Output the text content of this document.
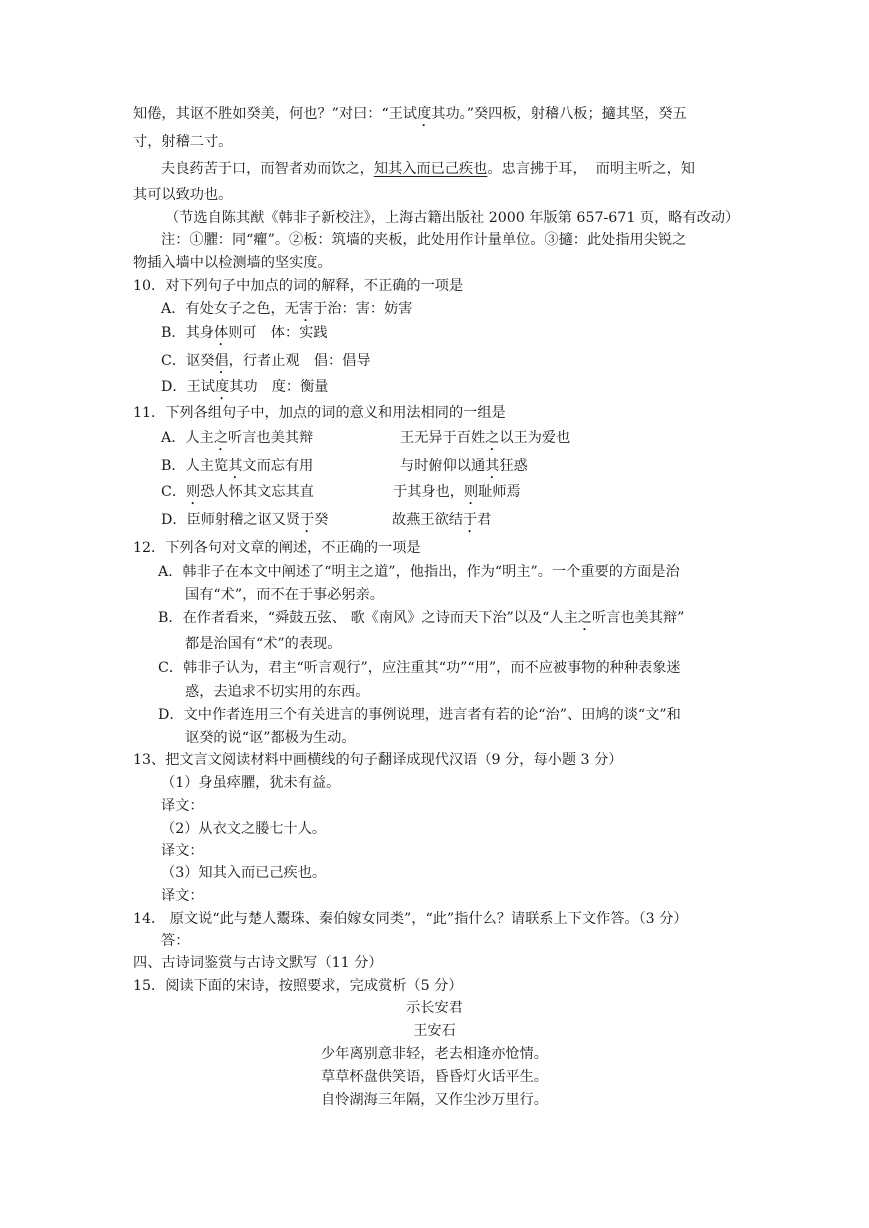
知倦，其讴不胜如癸美，何也？”对曰：“王试度其功。”癸四板，射稽八板；擿其坚，癸五
寸，射稽二寸。
夫良药苦于口，而智者劝而饮之，知其入而已己疾也。忠言拂于耳，  而明主听之，知
其可以致功也。
（节选自陈其猷《韩非子新校注》，上海古籍出版社 2000 年版第 657-671 页，略有改动）
注：①臞：同“癯”。②板：筑墙的夹板，此处用作计量单位。③擿：此处指用尖锐之
物插入墙中以检测墙的坚实度。
10．对下列句子中加点的词的解释，不正确的一项是
A．有处女子之色，无害于治：害：妨害
B．其身体则可　体：实践
C．讴癸倡，行者止观　倡：倡导
D．王试度其功　度：衡量
11．下列各组句子中，加点的词的意义和用法相同的一组是
A．人主之听言也美其辩	王无异于百姓之以王为爱也
B．人主览其文而忘有用	与时俯仰以通其狂惑
C．则恐人怀其文忘其直	于其身也，则耻师焉
D．臣师射稽之讴又贤于癸	故燕王欲结于君
12．下列各句对文章的阐述，不正确的一项是
A．韩非子在本文中阐述了“明主之道”，他指出，作为“明主”。一个重要的方面是治
国有“术”，而不在于事必躬亲。
B．在作者看来，“舜鼓五弦、 歌《南风》之诗而天下治”以及“人主之听言也美其辩”
都是治国有“术”的表现。
C．韩非子认为，君主“听言观行”，应注重其“功”“用”，而不应被事物的种种表象迷
惑，去追求不切实用的东西。
D．文中作者连用三个有关进言的事例说理，进言者有若的论“治”、田鸠的谈“文”和
讴癸的说“讴”都极为生动。
13、把文言文阅读材料中画横线的句子翻译成现代汉语（9 分，每小题 3 分）
（1）身虽瘁臞，犹未有益。
译文：
（2）从衣文之媵七十人。
译文：
（3）知其入而已己疾也。
译文：
14． 原文说“此与楚人鬻珠、秦伯嫁女同类”，“此”指什么？请联系上下文作答。（3 分）
答：
四、古诗词鉴赏与古诗文默写（11 分）
15．阅读下面的宋诗，按照要求，完成赏析（5 分）
示长安君
王安石
少年离别意非轻，老去相逢亦怆情。
草草杯盘供笑语，昏昏灯火话平生。
自怜湖海三年隔，又作尘沙万里行。
